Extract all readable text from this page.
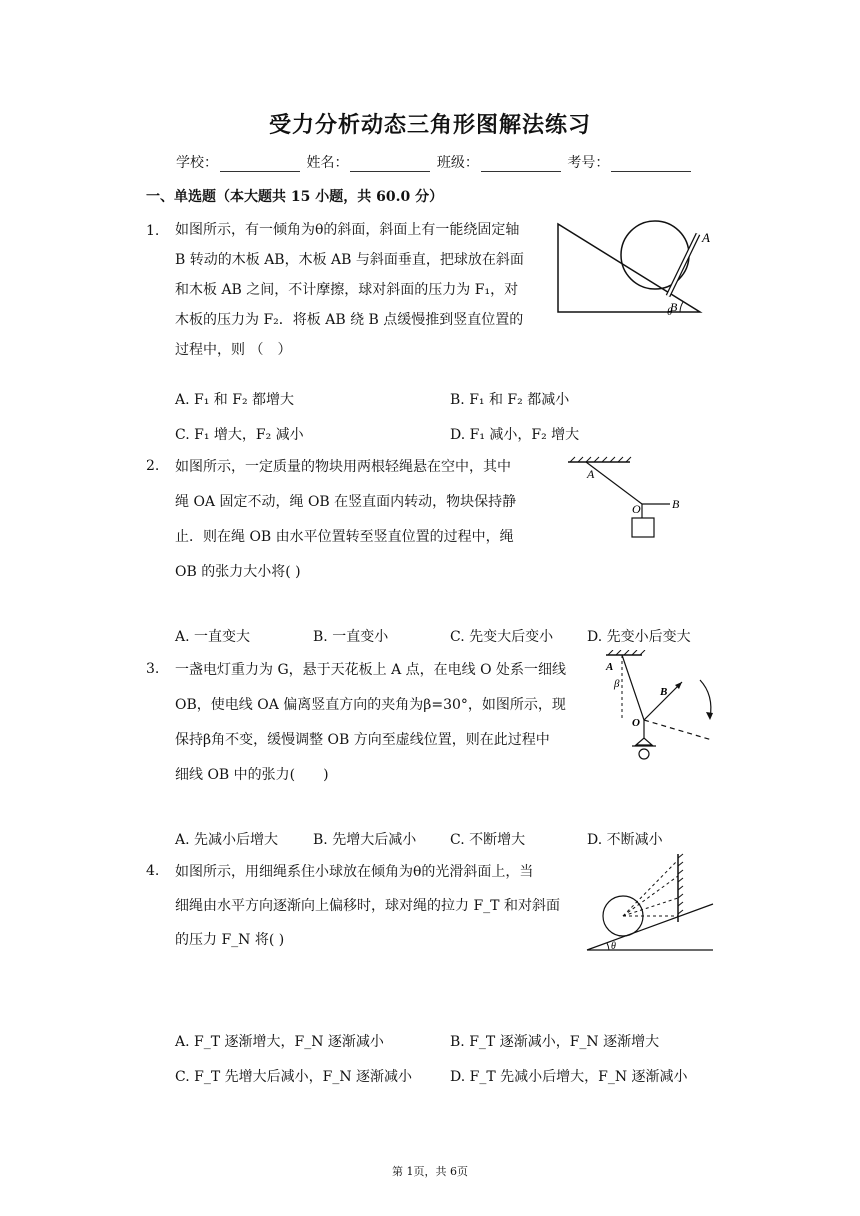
受力分析动态三角形图解法练习
学校：	姓名：	班级：	考号：
一、单选题（本大题共 15 小题，共 60.0 分）
1. 如图所示，有一倾角为θ的斜面，斜面上有一能绕固定轴
B 转动的木板 AB，木板 AB 与斜面垂直，把球放在斜面
和木板 AB 之间，不计摩擦，球对斜面的压力为 F₁，对
木板的压力为 F₂．将板 AB 绕 B 点缓慢推到竖直位置的
过程中，则 （　）
A
B
θ
A. F₁ 和 F₂ 都增大	B. F₁ 和 F₂ 都减小
C. F₁ 增大，F₂ 减小	D. F₁ 减小，F₂ 增大
2. 如图所示，一定质量的物块用两根轻绳悬在空中，其中
绳 OA 固定不动，绳 OB 在竖直面内转动，物块保持静
止．则在绳 OB 由水平位置转至竖直位置的过程中，绳
OB 的张力大小将( )
A
O	B
A. 一直变大	B. 一直变小	C. 先变大后变小 D. 先变小后变大
3. 一盏电灯重力为 G，悬于天花板上 A 点，在电线 O 处系一细线
OB，使电线 OA 偏离竖直方向的夹角为β=30°，如图所示，现
保持β角不变，缓慢调整 OB 方向至虚线位置，则在此过程中
细线 OB 中的张力(　　)
A
β
B
O
A. 先减小后增大 B. 先增大后减小 C. 不断增大	D. 不断减小
4. 如图所示，用细绳系住小球放在倾角为θ的光滑斜面上，当
细绳由水平方向逐渐向上偏移时，球对绳的拉力 F_T 和对斜面
的压力 F_N 将( )	θ
A. F_T 逐渐增大，F_N 逐渐减小	B. F_T 逐渐减小，F_N 逐渐增大
C. F_T 先增大后减小，F_N 逐渐减小	D. F_T 先减小后增大，F_N 逐渐减小
第 1页，共 6页
